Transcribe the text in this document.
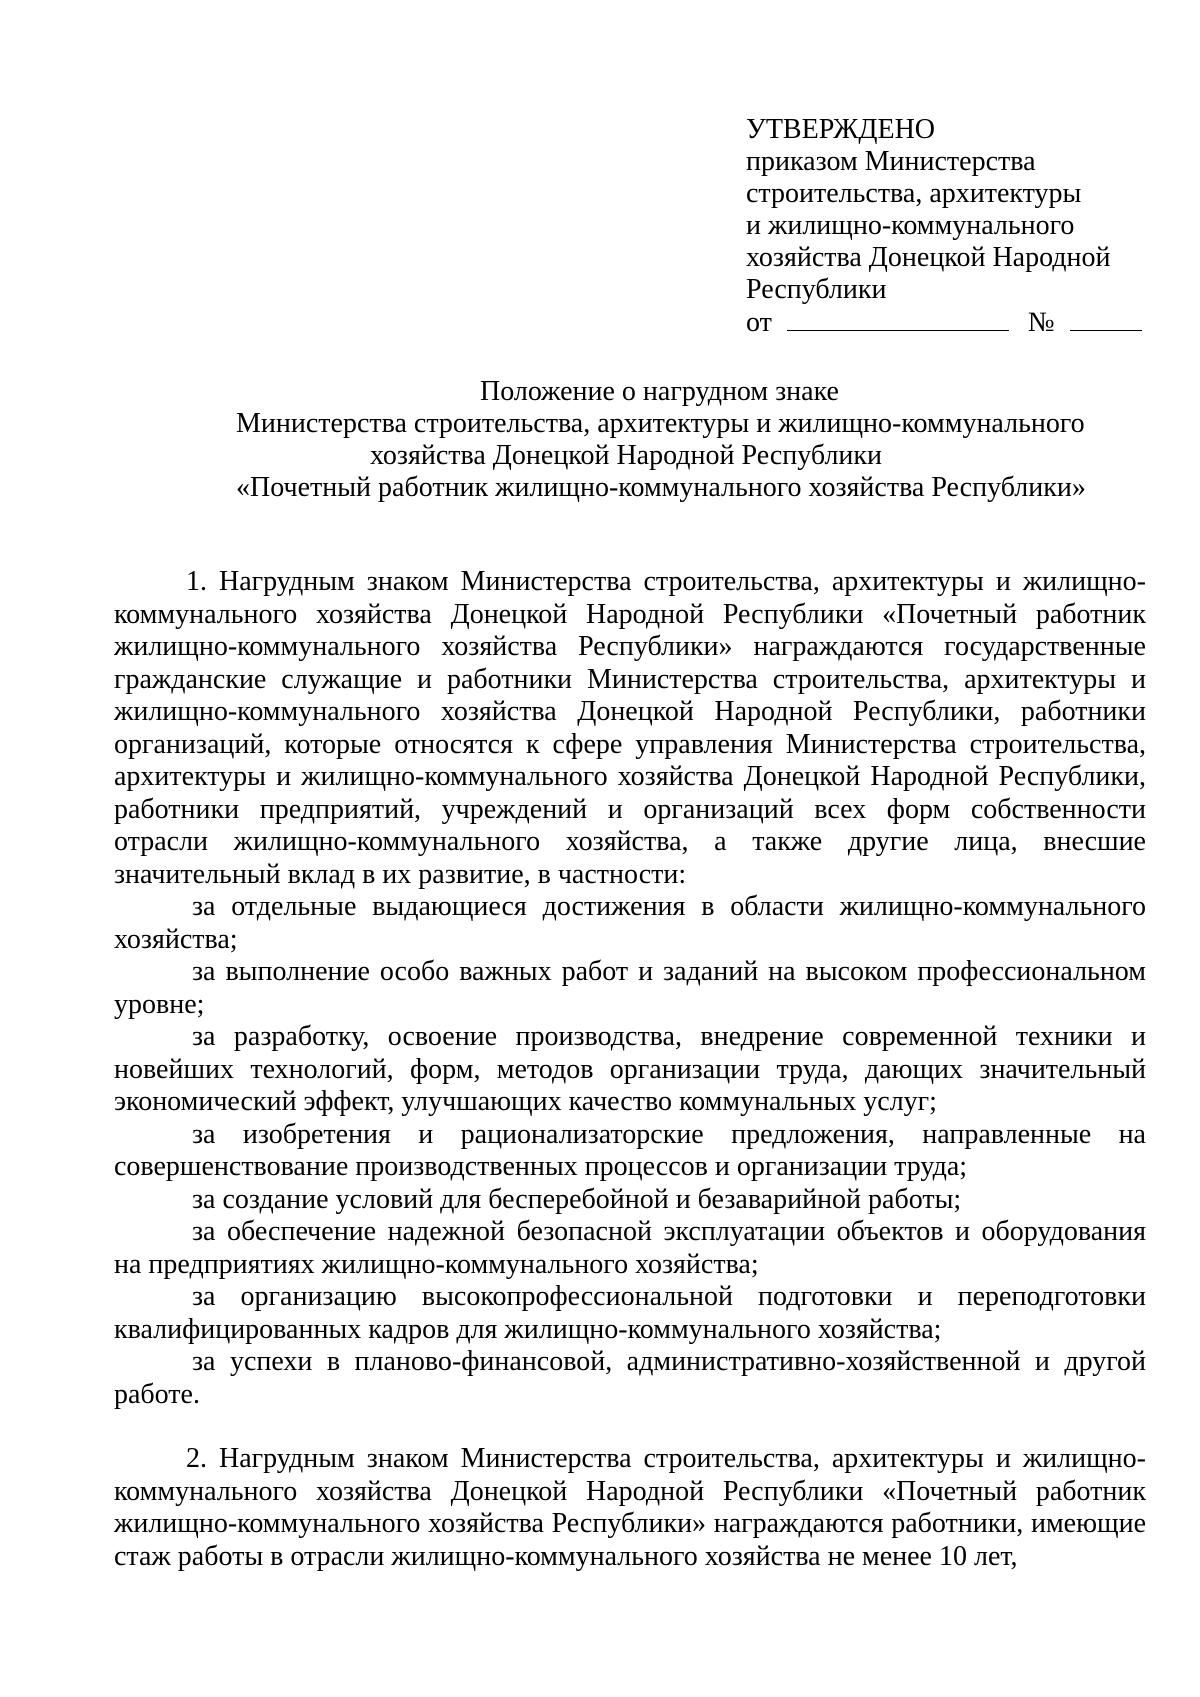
УТВЕРЖДЕНО
приказом Министерства
строительства, архитектуры
и жилищно-коммунального
хозяйства Донецкой Народной
Республики
от	№
Положение о нагрудном знаке
Министерства строительства, архитектуры и жилищно-коммунального
хозяйства Донецкой Народной Республики
«Почетный работник жилищно-коммунального хозяйства Республики»

1. Нагрудным знаком Министерства строительства, архитектуры и жилищно-коммунального хозяйства Донецкой Народной Республики «Почетный работник жилищно-коммунального хозяйства Республики» награждаются государственные гражданские служащие и работники Министерства строительства, архитектуры и жилищно-коммунального хозяйства Донецкой Народной Республики, работники организаций, которые относятся к сфере управления Министерства строительства, архитектуры и жилищно-коммунального хозяйства Донецкой Народной Республики, работники предприятий, учреждений и организаций всех форм собственности отрасли жилищно-коммунального хозяйства, а также другие лица, внесшие значительный вклад в их развитие, в частности:

за отдельные выдающиеся достижения в области жилищно-коммунального хозяйства;

за выполнение особо важных работ и заданий на высоком профессиональном уровне;

за разработку, освоение производства, внедрение современной техники и новейших технологий, форм, методов организации труда, дающих значительный экономический эффект, улучшающих качество коммунальных услуг;

за изобретения и рационализаторские предложения, направленные на совершенствование производственных процессов и организации труда;

за создание условий для бесперебойной и безаварийной работы;

за обеспечение надежной безопасной эксплуатации объектов и оборудования на предприятиях жилищно-коммунального хозяйства;

за организацию высокопрофессиональной подготовки и переподготовки квалифицированных кадров для жилищно-коммунального хозяйства;

за успехи в планово-финансовой, административно-хозяйственной и другой работе.

2. Нагрудным знаком Министерства строительства, архитектуры и жилищно-коммунального хозяйства Донецкой Народной Республики «Почетный работник жилищно-коммунального хозяйства Республики» награждаются работники, имеющие стаж работы в отрасли жилищно-коммунального хозяйства не менее 10 лет,
